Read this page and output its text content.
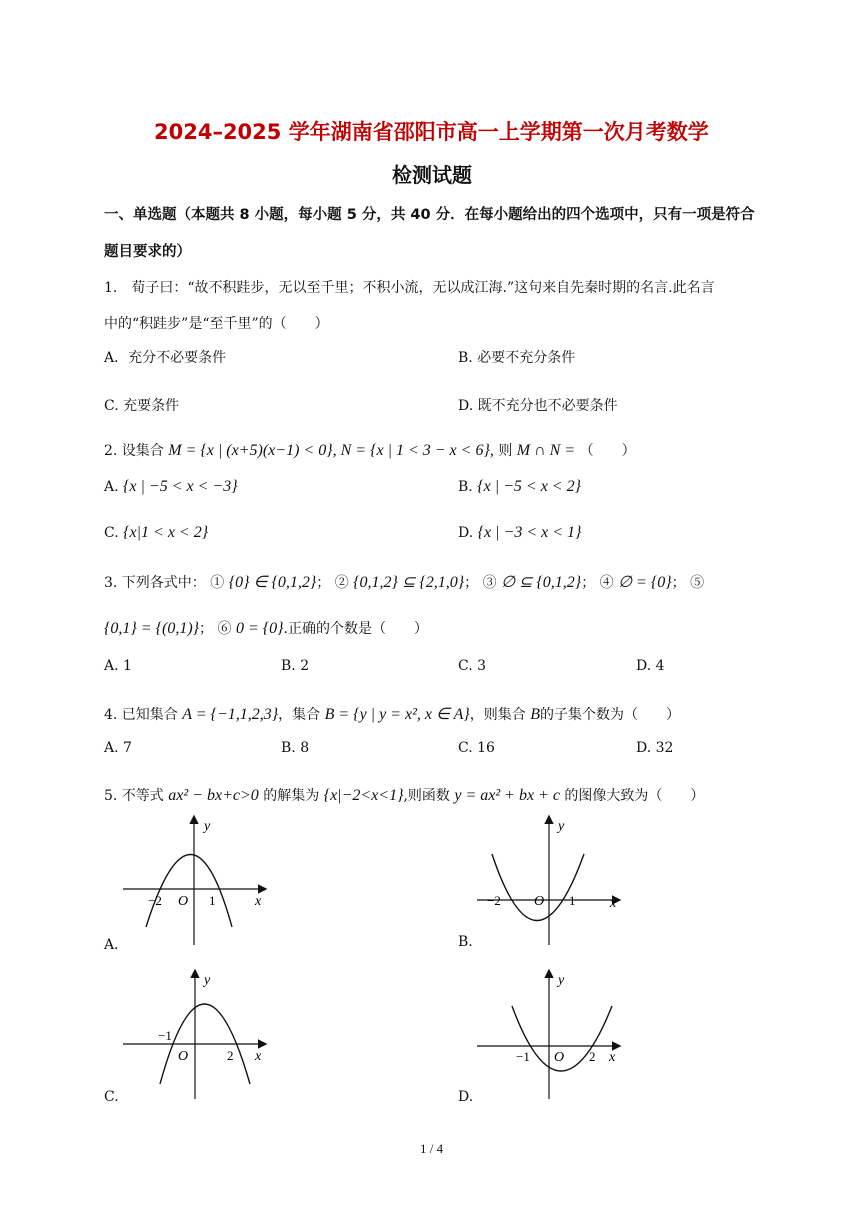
2024–2025 学年湖南省邵阳市高一上学期第一次月考数学
检测试题
一、单选题（本题共 8 小题，每小题 5 分，共 40 分．在每小题给出的四个选项中，只有一项是符合
题目要求的）
1.　荀子曰：“故不积跬步，无以至千里；不积小流，无以成江海.”这句来自先秦时期的名言.此名言
中的“积跬步”是“至千里”的（　　）
A．充分不必要条件	B. 必要不充分条件
C. 充要条件	D. 既不充分也不必要条件
2. 设集合 M = {x | (x+5)(x−1) < 0}, N = {x | 1 < 3 − x < 6}, 则 M ∩ N = （　　）
A. {x | −5 < x < −3}	B. {x | −5 < x < 2}
C. {x|1 < x < 2}	D. {x | −3 < x < 1}
3. 下列各式中： ① {0} ∈ {0,1,2}； ② {0,1,2} ⊆ {2,1,0}； ③ ∅ ⊆ {0,1,2}； ④ ∅ = {0}； ⑤
{0,1} = {(0,1)}； ⑥ 0 = {0}.正确的个数是（　　）
A. 1	B. 2	C. 3	D. 4
4. 已知集合 A = {−1,1,2,3}，集合 B = {y | y = x², x ∈ A}，则集合 B的子集个数为（　　）
A. 7	B. 8	C. 16	D. 32
5. 不等式 ax² − bx+c>0 的解集为 {x|−2<x<1},则函数 y = ax² + bx + c 的图像大致为（　　）
y
x
O
−2	1
A．
y
x
O
−2	1
B.
y
x
O
−1
2
C.
y
x
O
−1	2
D.
1 / 4
